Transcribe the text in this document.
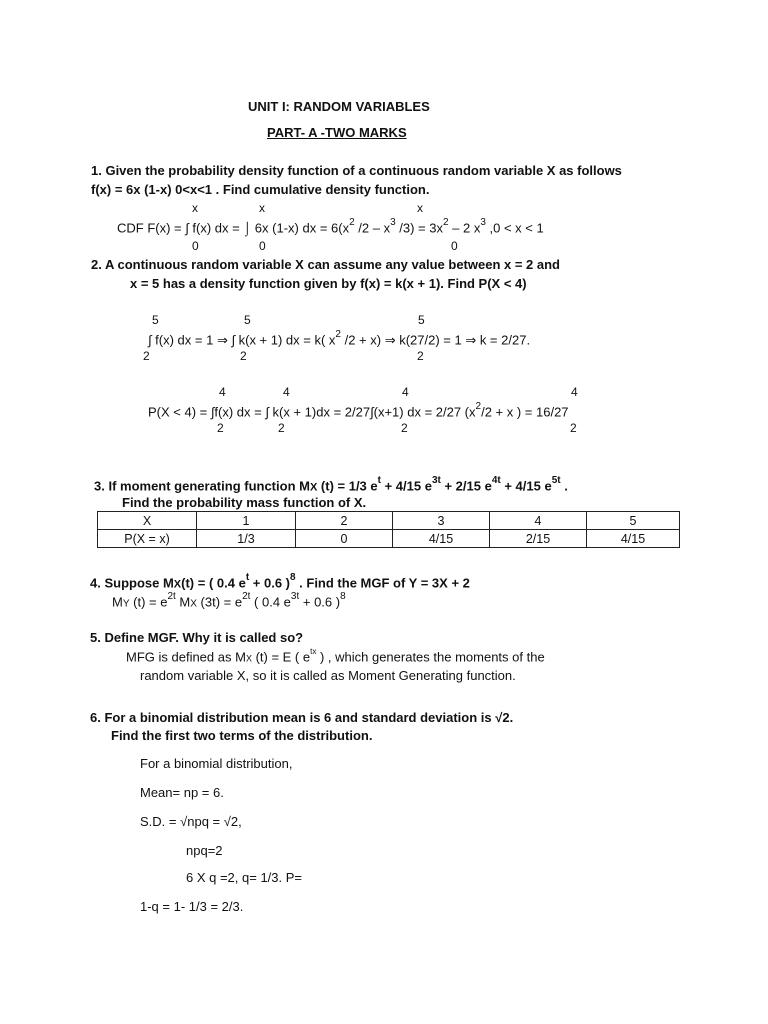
UNIT I: RANDOM VARIABLES
PART- A -TWO MARKS
1. Given the probability density function of a continuous random variable X as follows
f(x) = 6x (1-x) 0<x<1 . Find cumulative density function.
x	x	x
CDF F(x) = ∫ f(x) dx = ⌡ 6x (1-x) dx = $6(x^2$ $/2 - x^3$ $/3) = 3x^2 - 2$ $x^3$ ,0 < x < 1
0	0	0
2. A continuous random variable X can assume any value between x = 2 and
x = 5 has a density function given by f(x) = k(x + 1). Find P(X < 4)
5	5	5
∫ f(x) dx = 1 ⇒ ∫ k(x + 1) dx = k( $x^2$ /2 + x) ⇒ k(27/2) = 1 ⇒ k = 2/27.
2	2	2
4	4	4	4
P(X < 4) = ∫f(x) dx = ∫ k(x + 1)dx = 2/27∫(x+1) dx = 2/27 ($x^2/2 + x$ ) = 16/27
2	2	2	2
3. If moment generating function MX (t) = 1/3 $e^t + 4/15$ $e^{3t} + 2/15$ $e^{4t} + 4/15$ $e^{5t}$ .
Find the probability mass function of X.
X	1	2	3	4	5
P(X = x)	1/3	0	4/15	2/15	4/15
4. Suppose MX(t) = ( 0.4 $e^t + 0.6$ )$^8$ . Find the MGF of Y = 3X + 2
MY $(t) = e^{2t}$ MX $(3t) = e^{2t}$ ( 0.4 $e^{3t} + 0.6$ )$^8$
5. Define MGF. Why it is called so?
MFG is defined as MX (t) = E ( $e^{tx}$ ) , which generates the moments of the
random variable X, so it is called as Moment Generating function.
6. For a binomial distribution mean is 6 and standard deviation is √2.
Find the first two terms of the distribution.
For a binomial distribution,
Mean= np = 6.
S.D. = √npq = √2,
npq=2
6 X q =2, q= 1/3. P=
1-q = 1- 1/3 = 2/3.
